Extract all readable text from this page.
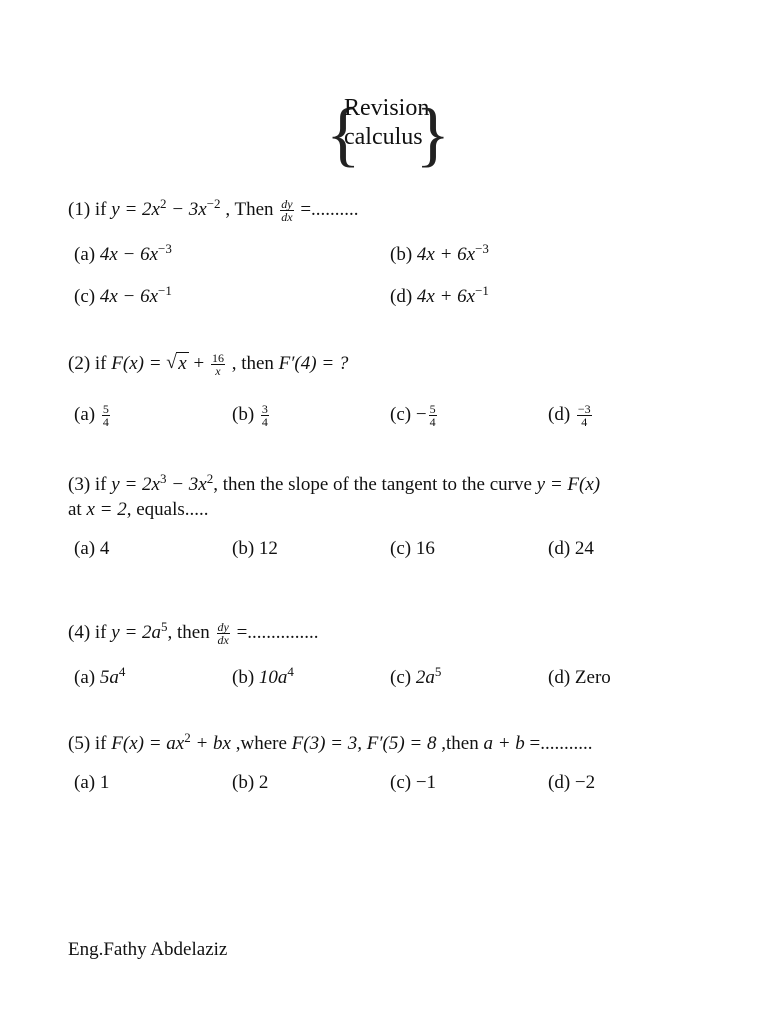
{
Revision
calculus
}
(1) if $y = 2x^2 - 3x^{-2}$ , Then $\frac{dy}{dx}$ =..........
(a) $4x - 6x^{-3}$	(b) $4x + 6x^{-3}$
(c) $4x - 6x^{-1}$	(d) $4x + 6x^{-1}$
(2) if F(x) = √ $x + \frac{16}{x}$ , then F′(4) = ?
$(a) \frac{5}{4}$	$(b) \frac{3}{4}$	$(c) - \frac{5}{4}$	$(d) \frac{-3}{4}$
(3) if $y = 2x^3 - 3x^2$, then the slope of the tangent to the curve y = F(x)
at x = 2, equals.....
(a) 4	(b) 12	(c) 16	(d) 24
(4) if $y = 2a^5$, then $\frac{dy}{dx}$ =...............
(a) $5a^4$	(b) $10a^4$	(c) $2a^5$	(d) Zero
(5) if $F(x) = ax^2$ + bx ,where F(3) = 3, F′(5) = 8 ,then a + b =...........
(a) 1	(b) 2	(c) −1	(d) −2
Eng.Fathy Abdelaziz
